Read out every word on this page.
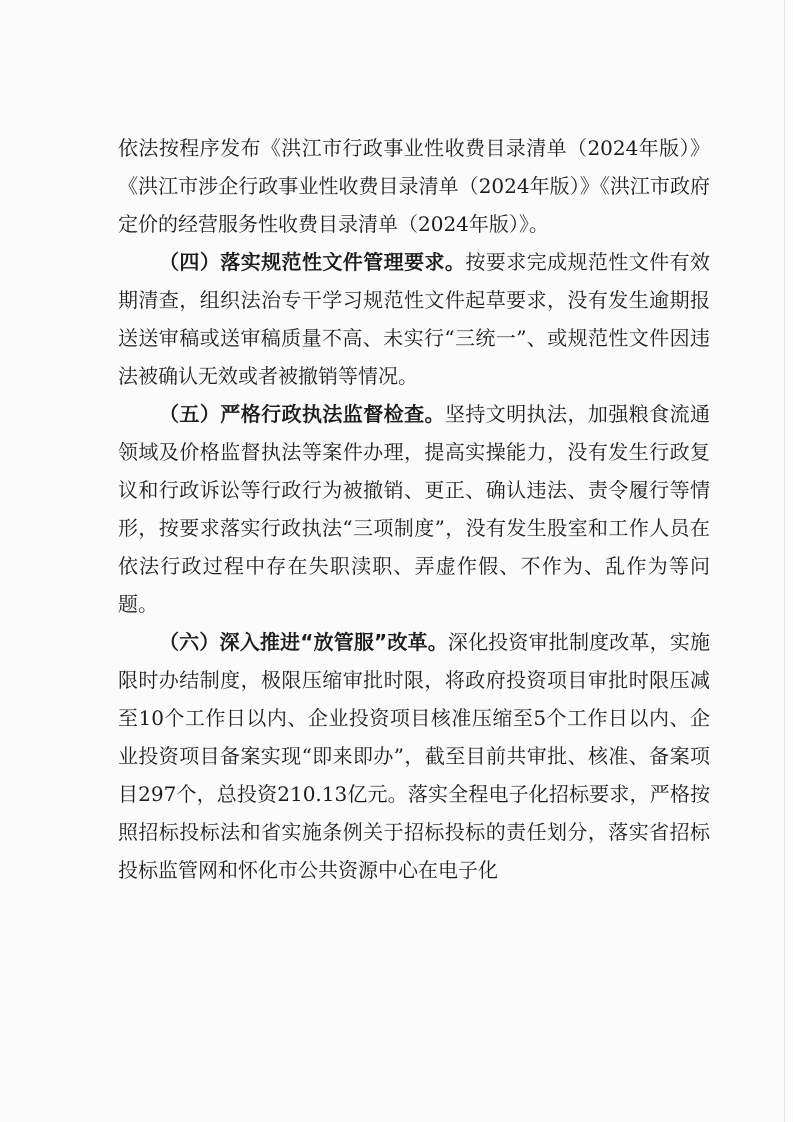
依法按程序发布《洪江市行政事业性收费目录清单（2024年版）》《洪江市涉企行政事业性收费目录清单（2024年版）》《洪江市政府定价的经营服务性收费目录清单（2024年版）》。

（四）落实规范性文件管理要求。按要求完成规范性文件有效期清查，组织法治专干学习规范性文件起草要求，没有发生逾期报送送审稿或送审稿质量不高、未实行“三统一”、或规范性文件因违法被确认无效或者被撤销等情况。

（五）严格行政执法监督检查。坚持文明执法，加强粮食流通领域及价格监督执法等案件办理，提高实操能力，没有发生行政复议和行政诉讼等行政行为被撤销、更正、确认违法、责令履行等情形，按要求落实行政执法“三项制度”，没有发生股室和工作人员在依法行政过程中存在失职渎职、弄虚作假、不作为、乱作为等问题。

（六）深入推进“放管服”改革。深化投资审批制度改革，实施限时办结制度，极限压缩审批时限，将政府投资项目审批时限压减至10个工作日以内、企业投资项目核准压缩至5个工作日以内、企业投资项目备案实现“即来即办”，截至目前共审批、核准、备案项目297个，总投资210.13亿元。落实全程电子化招标要求，严格按照招标投标法和省实施条例关于招标投标的责任划分，落实省招标投标监管网和怀化市公共资源中心在电子化
